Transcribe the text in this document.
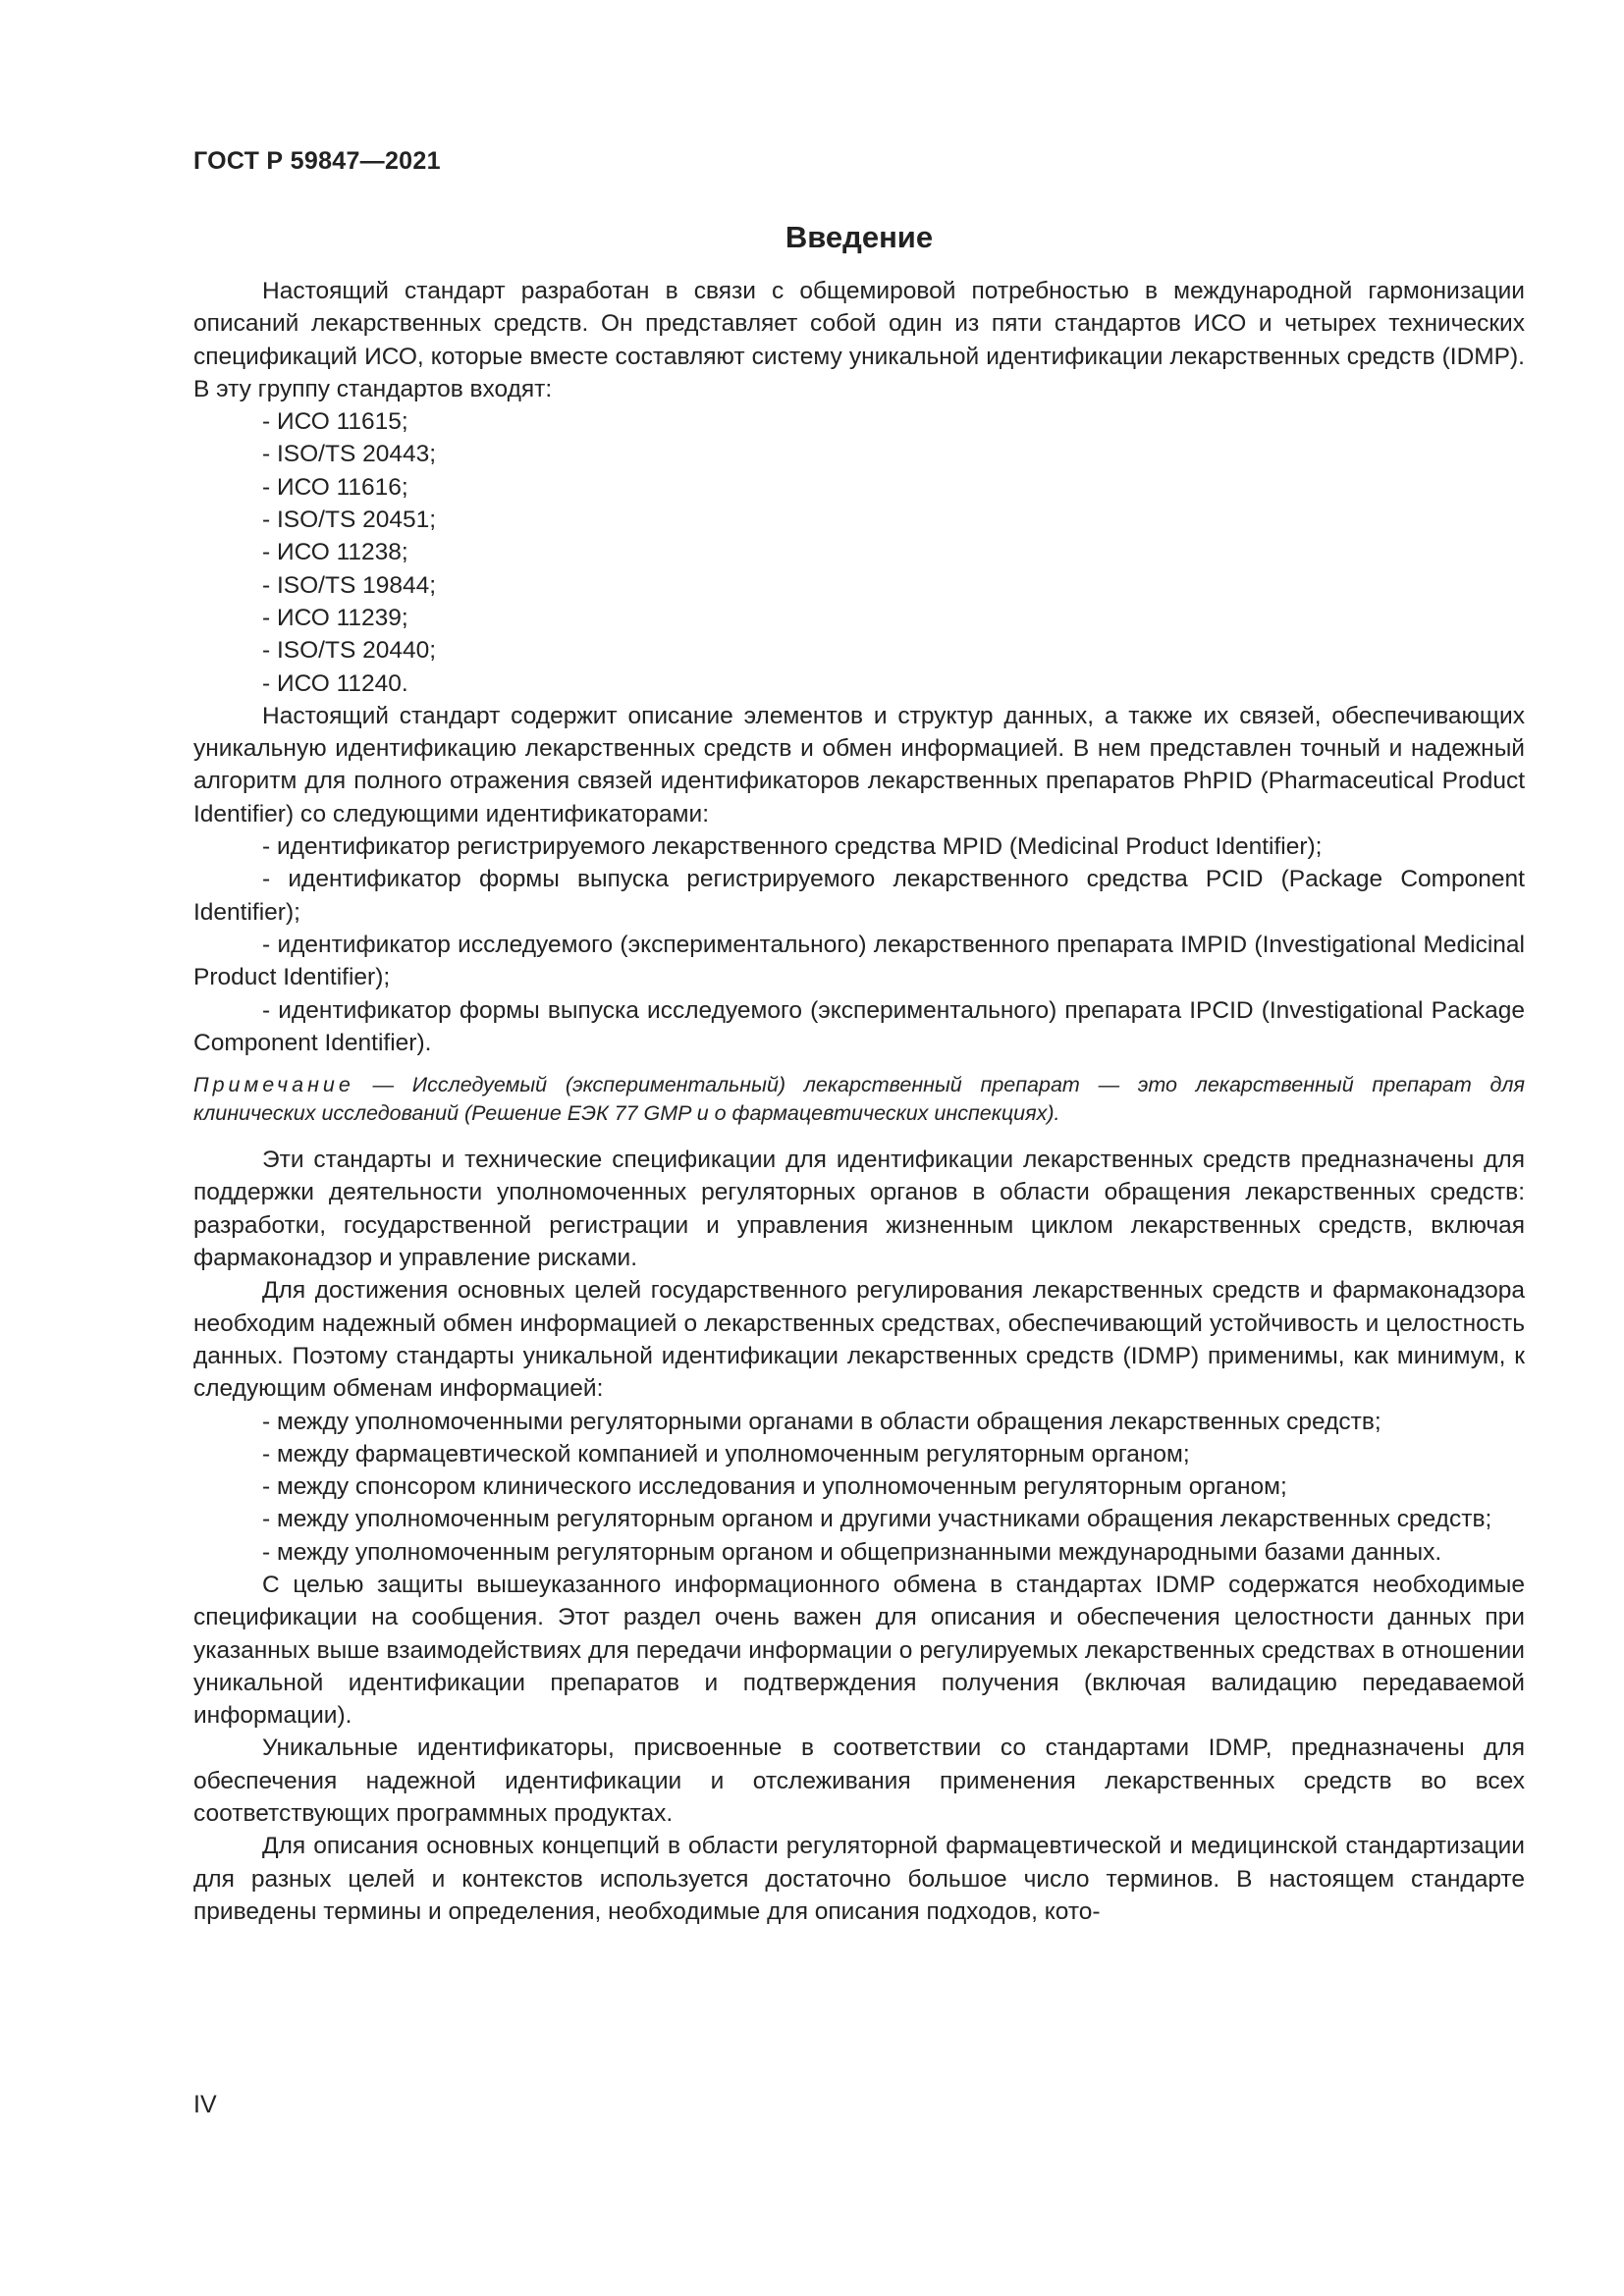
ГОСТ Р 59847—2021
Введение

Настоящий стандарт разработан в связи с общемировой потребностью в международной гармонизации описаний лекарственных средств. Он представляет собой один из пяти стандартов ИСО и четырех технических спецификаций ИСО, которые вместе составляют систему уникальной идентификации лекарственных средств (IDMP). В эту группу стандартов входят:

- ИСО 11615;
- ISO/TS 20443;
- ИСО 11616;
- ISO/TS 20451;
- ИСО 11238;
- ISO/TS 19844;
- ИСО 11239;
- ISO/TS 20440;
- ИСО 11240.

Настоящий стандарт содержит описание элементов и структур данных, а также их связей, обеспечивающих уникальную идентификацию лекарственных средств и обмен информацией. В нем представлен точный и надежный алгоритм для полного отражения связей идентификаторов лекарственных препаратов PhPID (Pharmaceutical Product Identifier) со следующими идентификаторами:

- идентификатор регистрируемого лекарственного средства MPID (Medicinal Product Identifier);

- идентификатор формы выпуска регистрируемого лекарственного средства PCID (Package Component Identifier);

- идентификатор исследуемого (экспериментального) лекарственного препарата IMPID (Investigational Medicinal Product Identifier);

- идентификатор формы выпуска исследуемого (экспериментального) препарата IPCID (Investigational Package Component Identifier).

Примечание — Исследуемый (экспериментальный) лекарственный препарат — это лекарственный препарат для клинических исследований (Решение ЕЭК 77 GMP и о фармацевтических инспекциях).

Эти стандарты и технические спецификации для идентификации лекарственных средств предназначены для поддержки деятельности уполномоченных регуляторных органов в области обращения лекарственных средств: разработки, государственной регистрации и управления жизненным циклом лекарственных средств, включая фармаконадзор и управление рисками.

Для достижения основных целей государственного регулирования лекарственных средств и фармаконадзора необходим надежный обмен информацией о лекарственных средствах, обеспечивающий устойчивость и целостность данных. Поэтому стандарты уникальной идентификации лекарственных средств (IDMP) применимы, как минимум, к следующим обменам информацией:

- между уполномоченными регуляторными органами в области обращения лекарственных средств;

- между фармацевтической компанией и уполномоченным регуляторным органом;

- между спонсором клинического исследования и уполномоченным регуляторным органом;

- между уполномоченным регуляторным органом и другими участниками обращения лекарственных средств;

- между уполномоченным регуляторным органом и общепризнанными международными базами данных.

С целью защиты вышеуказанного информационного обмена в стандартах IDMP содержатся необходимые спецификации на сообщения. Этот раздел очень важен для описания и обеспечения целостности данных при указанных выше взаимодействиях для передачи информации о регулируемых лекарственных средствах в отношении уникальной идентификации препаратов и подтверждения получения (включая валидацию передаваемой информации).

Уникальные идентификаторы, присвоенные в соответствии со стандартами IDMP, предназначены для обеспечения надежной идентификации и отслеживания применения лекарственных средств во всех соответствующих программных продуктах.

Для описания основных концепций в области регуляторной фармацевтической и медицинской стандартизации для разных целей и контекстов используется достаточно большое число терминов. В настоящем стандарте приведены термины и определения, необходимые для описания подходов, кото-

IV
